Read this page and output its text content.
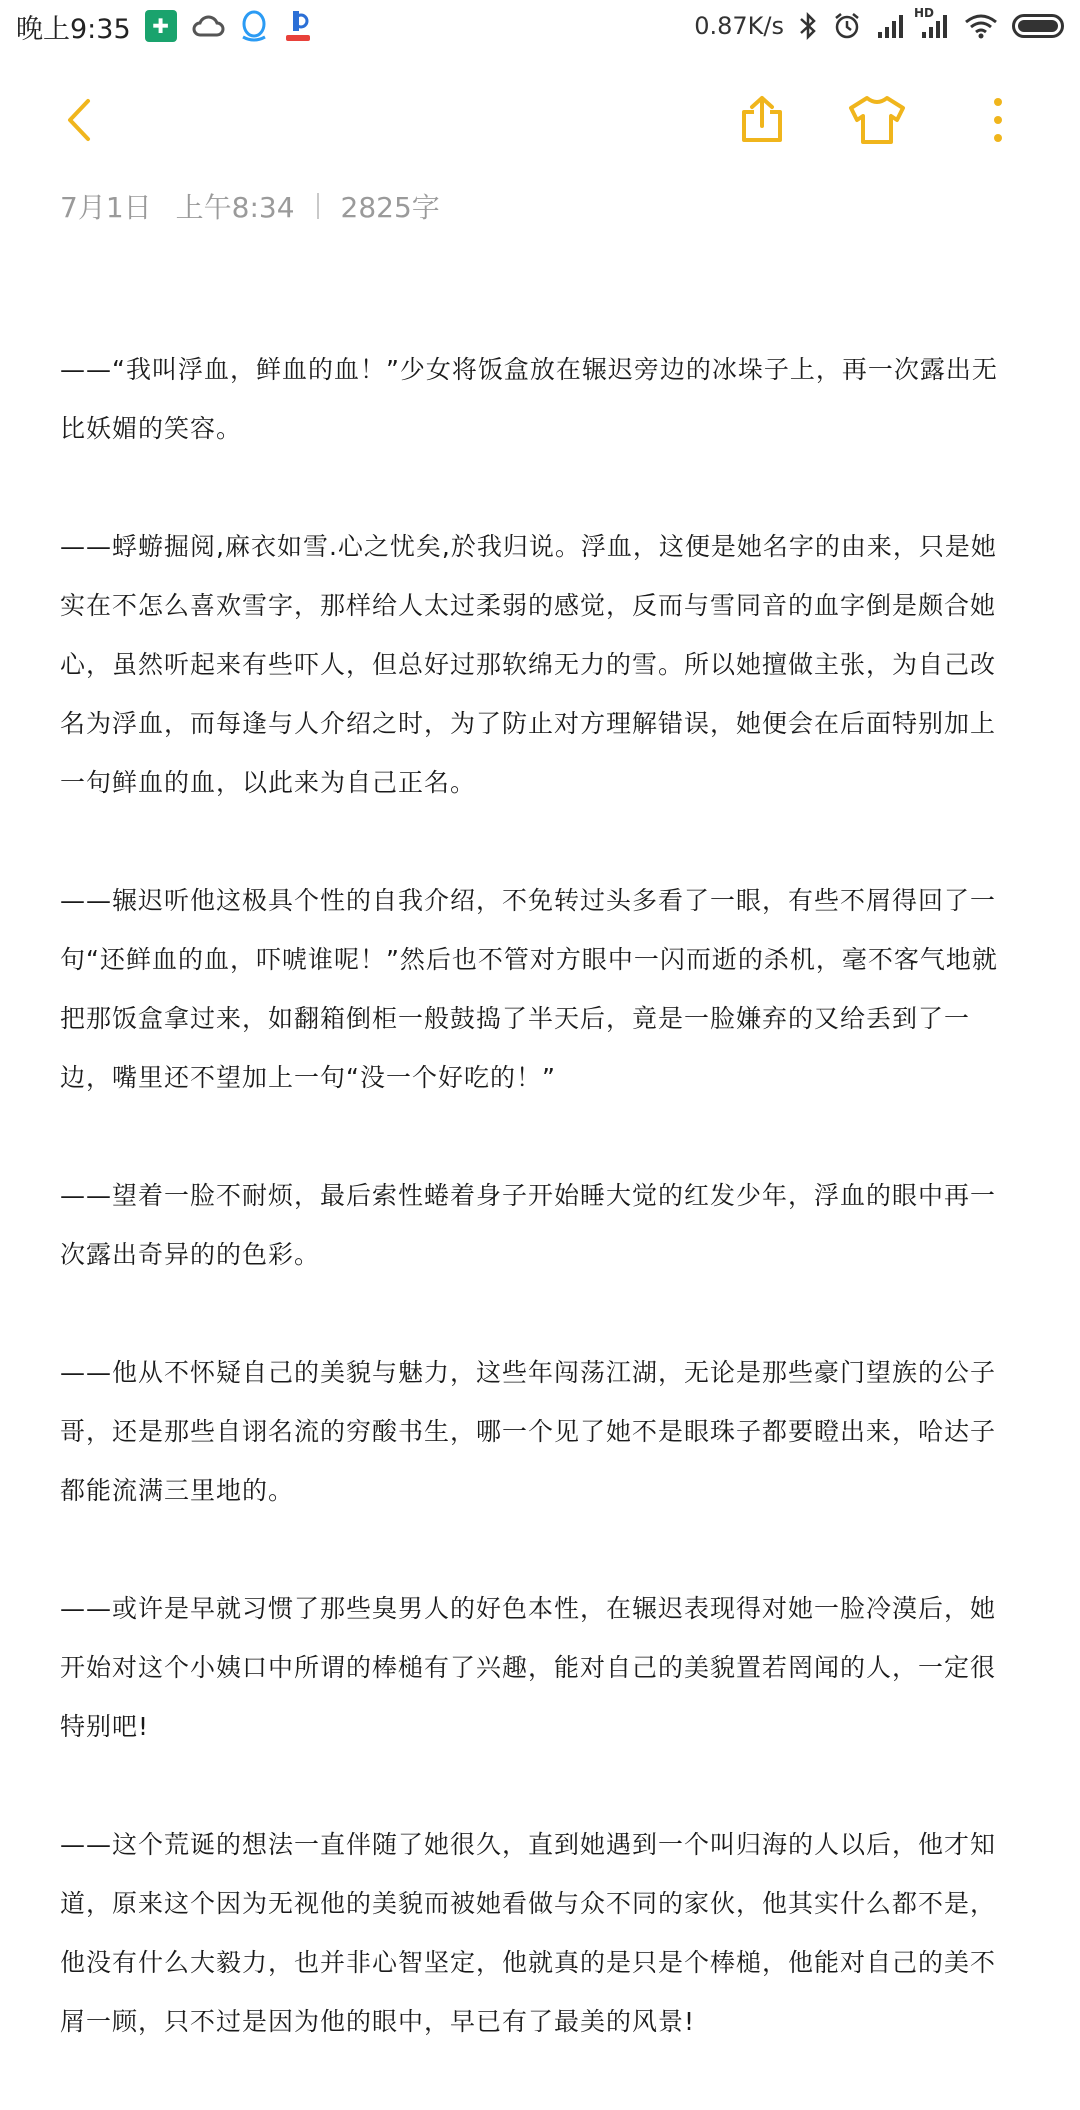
晚上9:35	✚	0.87K/s	HD
7月1日 上午8:34 2825字

——“我叫浮血，鲜血的血！”少女将饭盒放在辗迟旁边的冰垛子上，再一次露出无比妖媚的笑容。

——蜉蝣掘阅,麻衣如雪.心之忧矣,於我归说。浮血，这便是她名字的由来，只是她实在不怎么喜欢雪字，那样给人太过柔弱的感觉，反而与雪同音的血字倒是颇合她心，虽然听起来有些吓人，但总好过那软绵无力的雪。所以她擅做主张，为自己改名为浮血，而每逢与人介绍之时，为了防止对方理解错误，她便会在后面特别加上一句鲜血的血，以此来为自己正名。

——辗迟听他这极具个性的自我介绍，不免转过头多看了一眼，有些不屑得回了一句“还鲜血的血，吓唬谁呢！”然后也不管对方眼中一闪而逝的杀机，毫不客气地就把那饭盒拿过来，如翻箱倒柜一般鼓捣了半天后，竟是一脸嫌弃的又给丢到了一边，嘴里还不望加上一句“没一个好吃的！”

——望着一脸不耐烦，最后索性蜷着身子开始睡大觉的红发少年，浮血的眼中再一次露出奇异的的色彩。

——他从不怀疑自己的美貌与魅力，这些年闯荡江湖，无论是那些豪门望族的公子哥，还是那些自诩名流的穷酸书生，哪一个见了她不是眼珠子都要瞪出来，哈达子都能流满三里地的。

——或许是早就习惯了那些臭男人的好色本性，在辗迟表现得对她一脸冷漠后，她开始对这个小姨口中所谓的棒槌有了兴趣，能对自己的美貌置若罔闻的人，一定很特别吧!

——这个荒诞的想法一直伴随了她很久，直到她遇到一个叫归海的人以后，他才知道，原来这个因为无视他的美貌而被她看做与众不同的家伙，他其实什么都不是，他没有什么大毅力，也并非心智坚定，他就真的是只是个棒槌，他能对自己的美不屑一顾，只不过是因为他的眼中，早已有了最美的风景!
